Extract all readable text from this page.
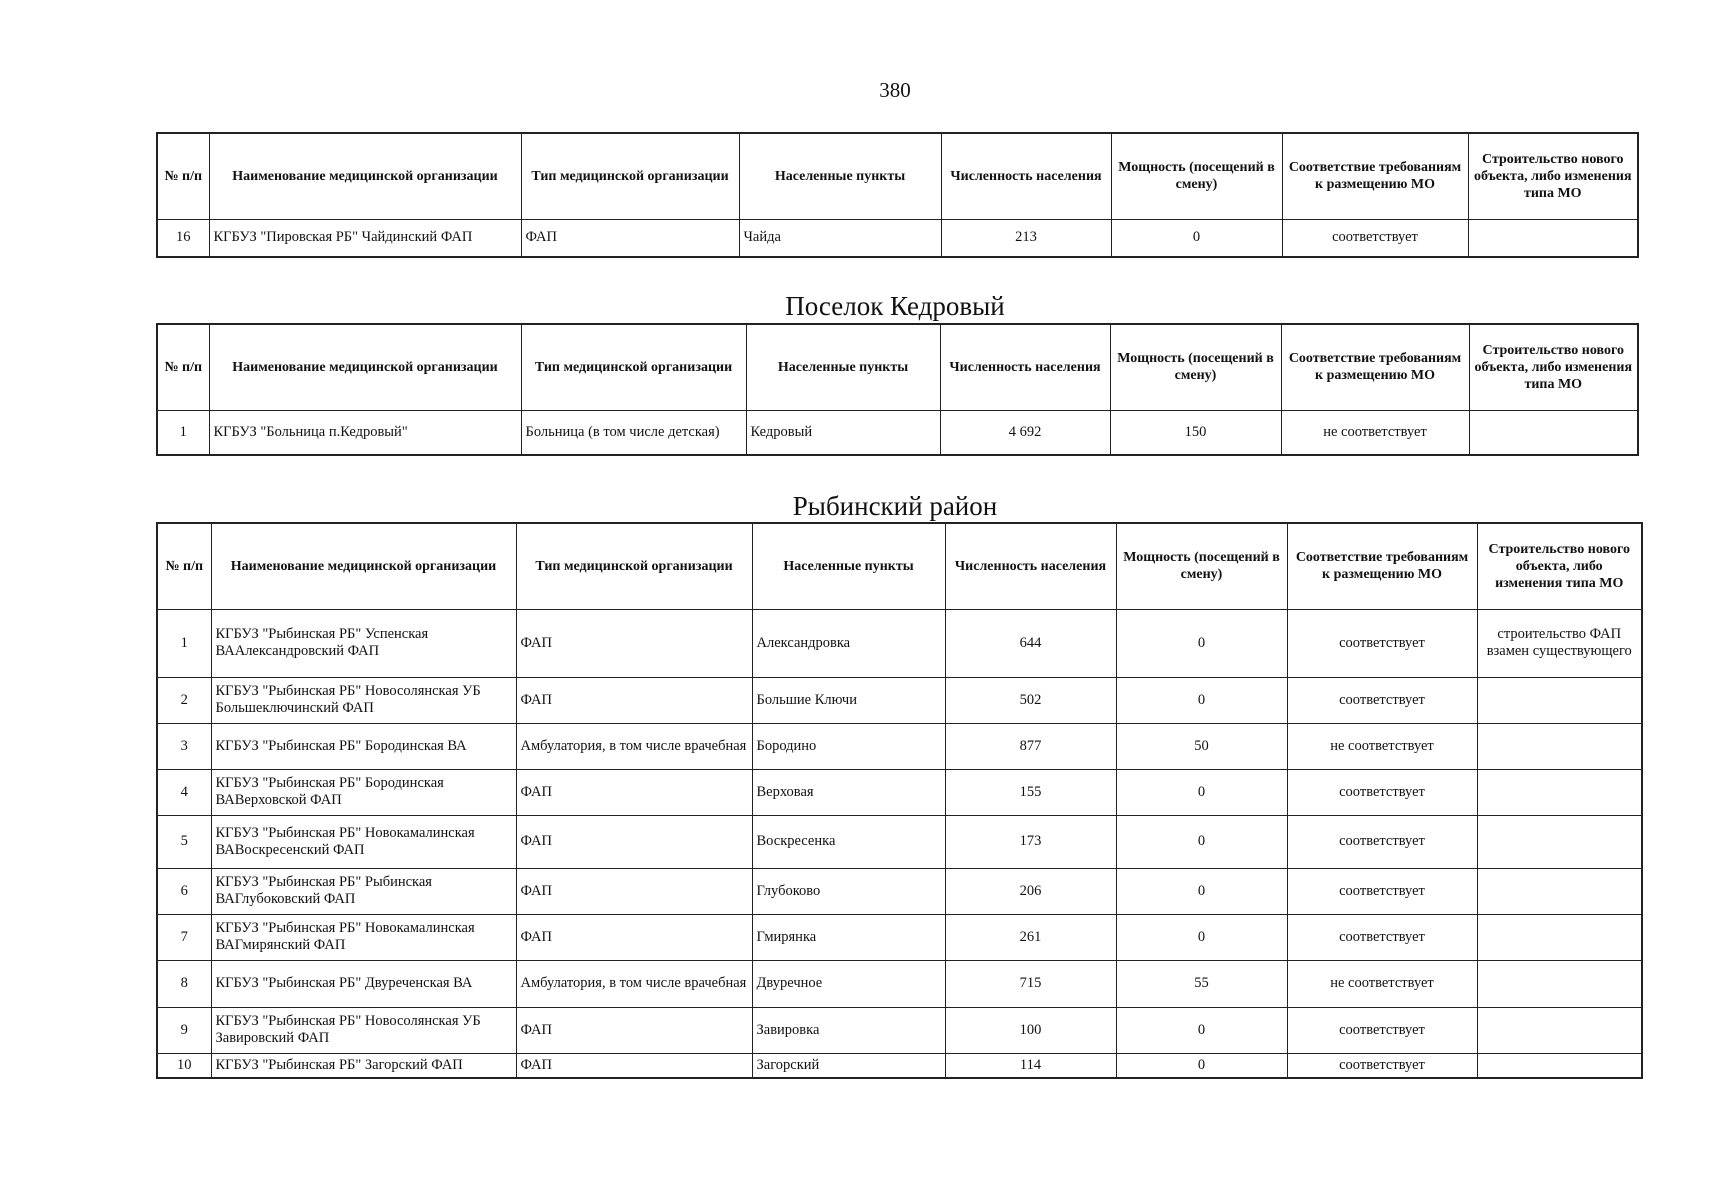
380
№ п/п	Наименование медицинской организации	Тип медицинской организации	Населенные пункты	Численность населения	Мощность (посещений в смену)	Соответствие требованиям к размещению МО	Строительство нового объекта, либо изменения типа МО
16	КГБУЗ "Пировская РБ" Чайдинский ФАП	ФАП	Чайда	213	0	соответствует	
Поселок Кедровый
№ п/п	Наименование медицинской организации	Тип медицинской организации	Населенные пункты	Численность населения	Мощность (посещений в смену)	Соответствие требованиям к размещению МО	Строительство нового объекта, либо изменения типа МО
1	КГБУЗ "Больница п.Кедровый"	Больница (в том числе детская)	Кедровый	4 692	150	не соответствует	
Рыбинский район
№ п/п	Наименование медицинской организации	Тип медицинской организации	Населенные пункты	Численность населения	Мощность (посещений в смену)	Соответствие требованиям к размещению МО	Строительство нового объекта, либо изменения типа МО
1	КГБУЗ "Рыбинская РБ" Успенская ВААлександровский ФАП	ФАП	Александровка	644	0	соответствует	строительство ФАП взамен существующего
2	КГБУЗ "Рыбинская РБ" Новосолянская УБ Большеключинский ФАП	ФАП	Большие Ключи	502	0	соответствует	
3	КГБУЗ "Рыбинская РБ" Бородинская ВА	Амбулатория, в том числе врачебная	Бородино	877	50	не соответствует	
4	КГБУЗ "Рыбинская РБ" Бородинская ВАВерховской ФАП	ФАП	Верховая	155	0	соответствует	
5	КГБУЗ "Рыбинская РБ" Новокамалинская ВАВоскресенский ФАП	ФАП	Воскресенка	173	0	соответствует	
6	КГБУЗ "Рыбинская РБ" Рыбинская ВАГлубоковский ФАП	ФАП	Глубоково	206	0	соответствует	
7	КГБУЗ "Рыбинская РБ" Новокамалинская ВАГмирянский ФАП	ФАП	Гмирянка	261	0	соответствует	
8	КГБУЗ "Рыбинская РБ" Двуреченская ВА	Амбулатория, в том числе врачебная	Двуречное	715	55	не соответствует	
9	КГБУЗ "Рыбинская РБ" Новосолянская УБ Завировский ФАП	ФАП	Завировка	100	0	соответствует	
10	КГБУЗ "Рыбинская РБ" Загорский ФАП	ФАП	Загорский	114	0	соответствует	
